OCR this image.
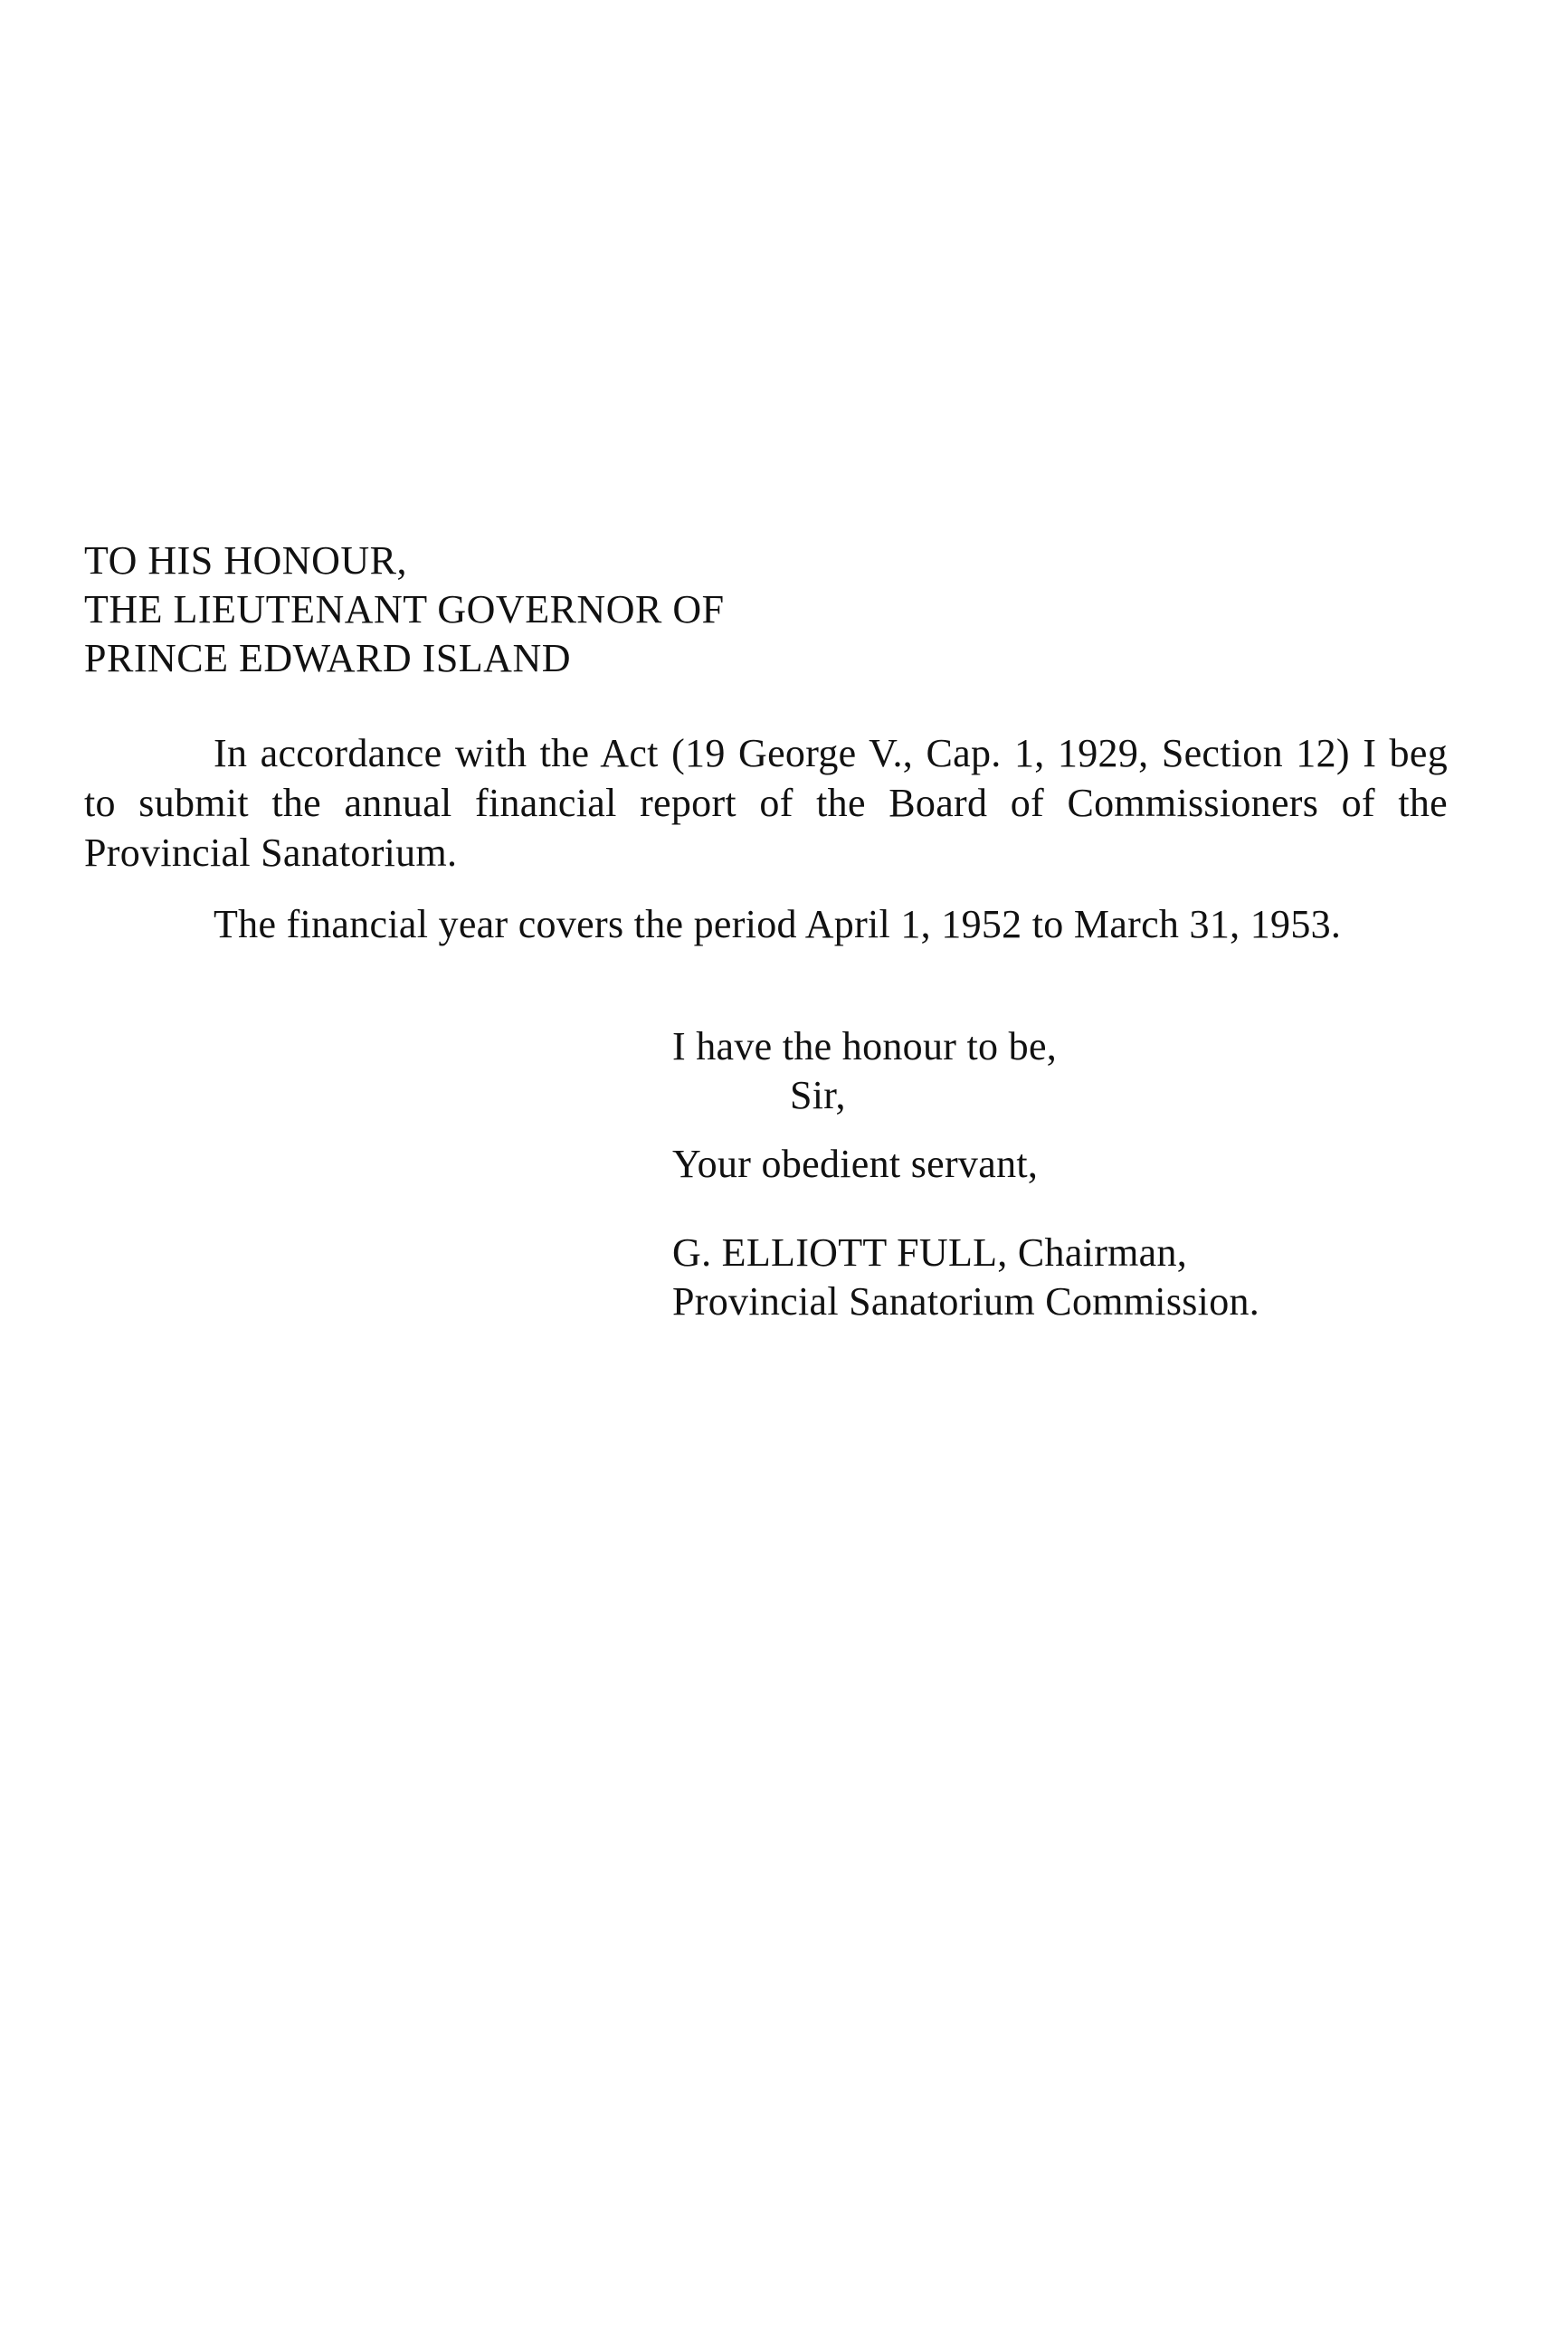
TO HIS HONOUR,
THE LIEUTENANT GOVERNOR OF
PRINCE EDWARD ISLAND

In accordance with the Act (19 George V., Cap. 1, 1929, Section 12) I beg to submit the annual financial report of the Board of Commissioners of the Provincial Sanatorium.

The financial year covers the period April 1, 1952 to March 31, 1953.

I have the honour to be,
Sir,
Your obedient servant,
G. ELLIOTT FULL, Chairman,
Provincial Sanatorium Commission.
